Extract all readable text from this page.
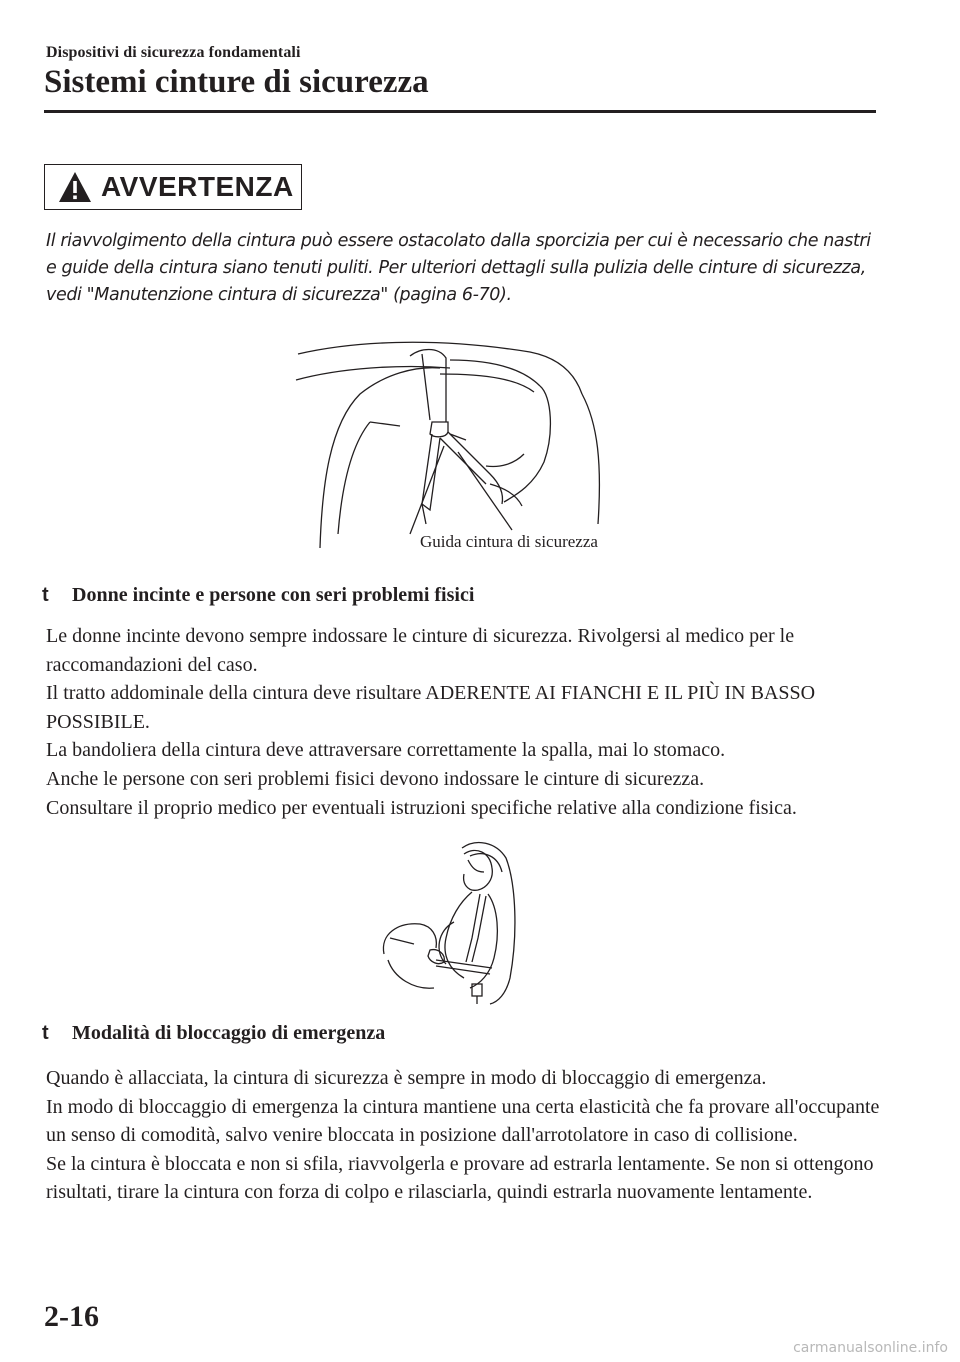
Dispositivi di sicurezza fondamentali
Sistemi cinture di sicurezza
AVVERTENZA

Il riavvolgimento della cintura può essere ostacolato dalla sporcizia per cui è necessario che nastri e guide della cintura siano tenuti puliti. Per ulteriori dettagli sulla pulizia delle cinture di sicurezza, vedi "Manutenzione cintura di sicurezza" (pagina 6-70).

Guida cintura di sicurezza
t	Donne incinte e persone con seri problemi fisici

Le donne incinte devono sempre indossare le cinture di sicurezza. Rivolgersi al medico per le raccomandazioni del caso.
Il tratto addominale della cintura deve risultare ADERENTE AI FIANCHI E IL PIÙ IN BASSO POSSIBILE.
La bandoliera della cintura deve attraversare correttamente la spalla, mai lo stomaco.
Anche le persone con seri problemi fisici devono indossare le cinture di sicurezza.
Consultare il proprio medico per eventuali istruzioni specifiche relative alla condizione fisica.

t	Modalità di bloccaggio di emergenza

Quando è allacciata, la cintura di sicurezza è sempre in modo di bloccaggio di emergenza.
In modo di bloccaggio di emergenza la cintura mantiene una certa elasticità che fa provare all'occupante un senso di comodità, salvo venire bloccata in posizione dall'arrotolatore in caso di collisione.
Se la cintura è bloccata e non si sfila, riavvolgerla e provare ad estrarla lentamente. Se non si ottengono risultati, tirare la cintura con forza di colpo e rilasciarla, quindi estrarla nuovamente lentamente.

2-16
carmanualsonline.info
